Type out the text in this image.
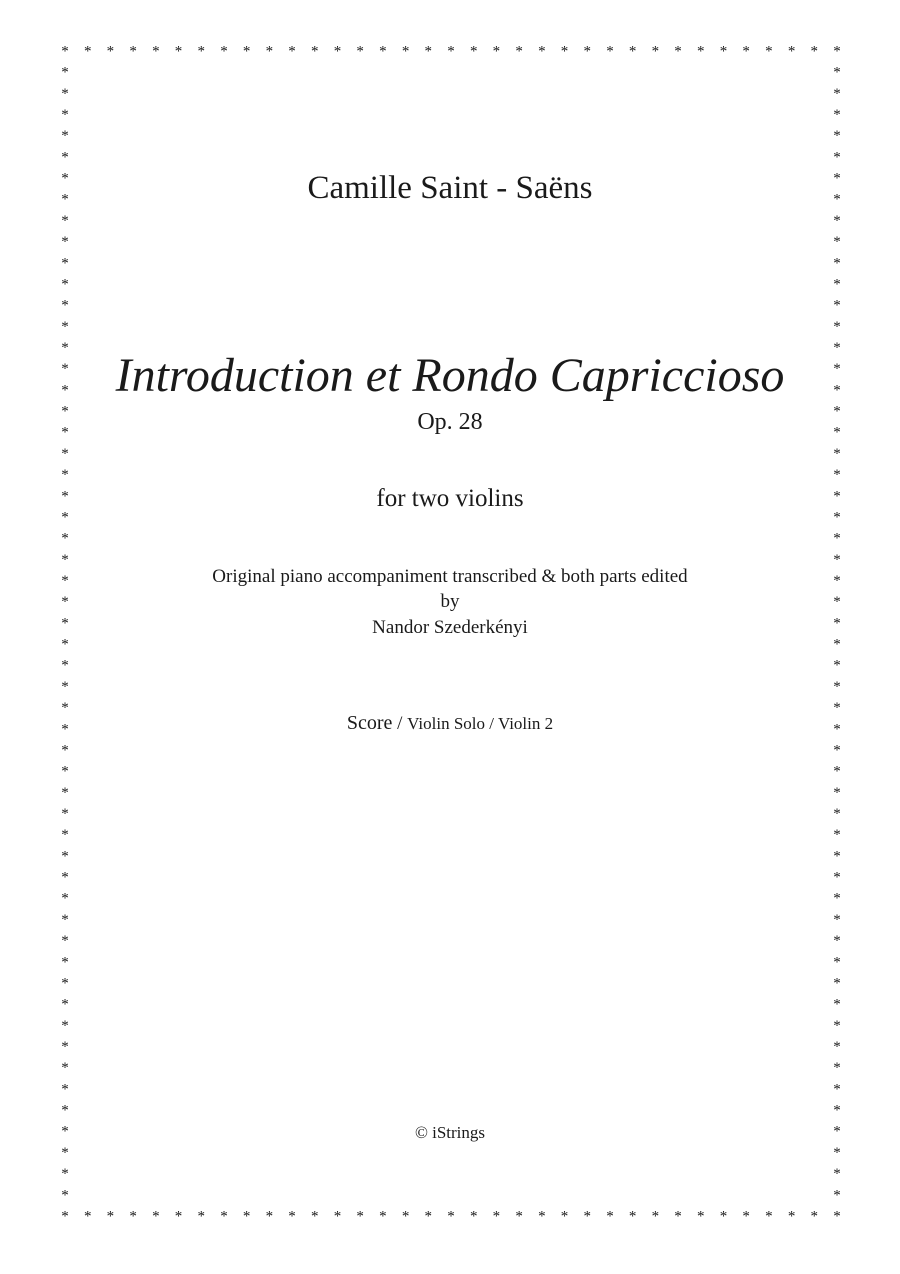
*
*
*
*
*
*
*
*
*
*
*
*
*
*
*
*
*
*
*
*
*
*
*
*
*
*
*
*
*
*
*
*
*
*
*
*
*
*
*
*
*
*
*
*
*
*
*
*
*
*
*
*
*
*
*
*
*
*
*
*
*
*
*
*
*
*
*
*
*
*
*	*
*	*
*	*
*	*
*	*
*	*
*	*
*	*
*	*
*	*
*	*
*	*
*	*
*	*
*	*
*	*
*	*
*	*
*	*
*	*
*	*
*	*
*	*
*	*
*	*
*	*
*	*
*	*
*	*
*	*
*	*
*	*
*	*
*	*
*	*
*	*
*	*
*	*
*	*
*	*
*	*
*	*
*	*
*	*
*	*
*	*
*	*
*	*
*	*
*	*
*	*
*	*
*	*
*	*
Camille Saint - Saëns
Introduction et Rondo Capriccioso
Op. 28
for two violins
Original piano accompaniment transcribed & both parts edited
by
Nandor Szederkényi
Score / Violin Solo / Violin 2
© iStrings
